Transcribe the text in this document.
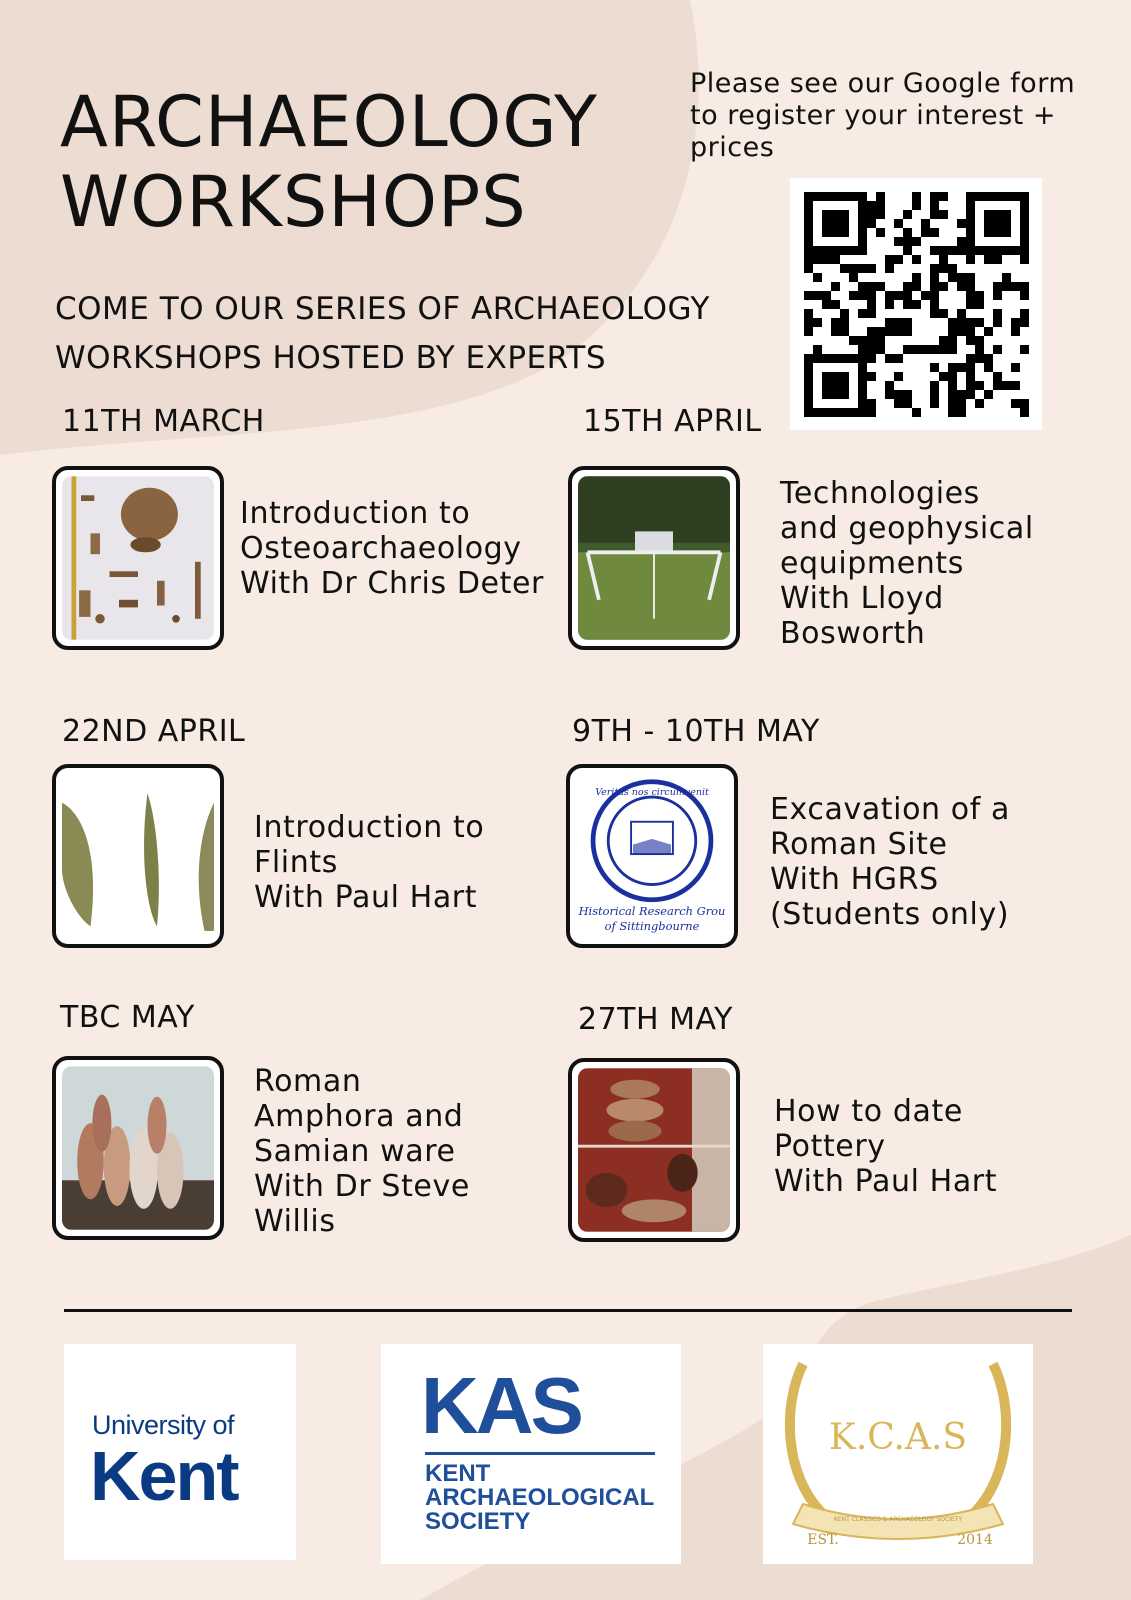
ARCHAEOLOGY
WORKSHOPS
Please see our Google form to register your interest + prices
COME TO OUR SERIES OF ARCHAEOLOGY
WORKSHOPS HOSTED BY EXPERTS
11TH MARCH
Introduction to
Osteoarchaeology
With Dr Chris Deter
15TH APRIL
Technologies
and geophysical
equipments
With Lloyd
Bosworth
22ND APRIL
Introduction to
Flints
With Paul Hart
9TH - 10TH MAY
Veritas nos circumvenit
Historical Research Grou
of Sittingbourne
Excavation of a
Roman Site
With HGRS
(Students only)
TBC MAY
Roman
Amphora and
Samian ware
With Dr Steve
Willis
27TH MAY
How to date
Pottery
With Paul Hart
University of
Kent
KAS
KENT
ARCHAEOLOGICAL
SOCIETY
K.C.A.S
KENT CLASSICS & ARCHAEOLOGY SOCIETY
EST.	2014
